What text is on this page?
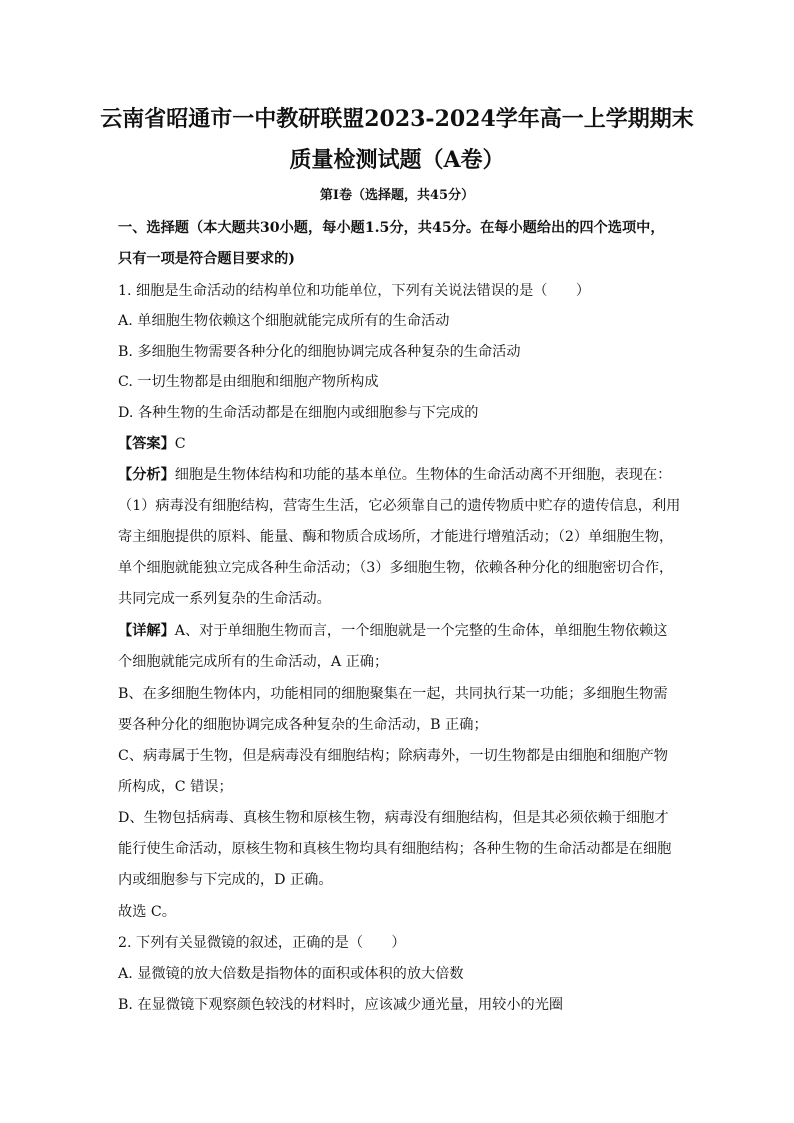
云南省昭通市一中教研联盟2023-2024学年高一上学期期末
质量检测试题（A卷）
第I卷（选择题，共45分）
一、选择题（本大题共30小题，每小题1.5分，共45分。在每小题给出的四个选项中，
只有一项是符合题目要求的)
1. 细胞是生命活动的结构单位和功能单位，下列有关说法错误的是（　　）
A. 单细胞生物依赖这个细胞就能完成所有的生命活动
B. 多细胞生物需要各种分化的细胞协调完成各种复杂的生命活动
C. 一切生物都是由细胞和细胞产物所构成
D. 各种生物的生命活动都是在细胞内或细胞参与下完成的
【答案】C
【分析】细胞是生物体结构和功能的基本单位。生物体的生命活动离不开细胞，表现在：
（1）病毒没有细胞结构，营寄生生活，它必须靠自己的遗传物质中贮存的遗传信息，利用
寄主细胞提供的原料、能量、酶和物质合成场所，才能进行增殖活动；（2）单细胞生物，
单个细胞就能独立完成各种生命活动；（3）多细胞生物，依赖各种分化的细胞密切合作，
共同完成一系列复杂的生命活动。
【详解】A、对于单细胞生物而言，一个细胞就是一个完整的生命体，单细胞生物依赖这
个细胞就能完成所有的生命活动，A 正确；
B、在多细胞生物体内，功能相同的细胞聚集在一起，共同执行某一功能；多细胞生物需
要各种分化的细胞协调完成各种复杂的生命活动，B 正确；
C、病毒属于生物，但是病毒没有细胞结构；除病毒外，一切生物都是由细胞和细胞产物
所构成，C 错误；
D、生物包括病毒、真核生物和原核生物，病毒没有细胞结构，但是其必须依赖于细胞才
能行使生命活动，原核生物和真核生物均具有细胞结构；各种生物的生命活动都是在细胞
内或细胞参与下完成的，D 正确。
故选 C。
2. 下列有关显微镜的叙述，正确的是（　　）
A. 显微镜的放大倍数是指物体的面积或体积的放大倍数
B. 在显微镜下观察颜色较浅的材料时，应该减少通光量，用较小的光圈
